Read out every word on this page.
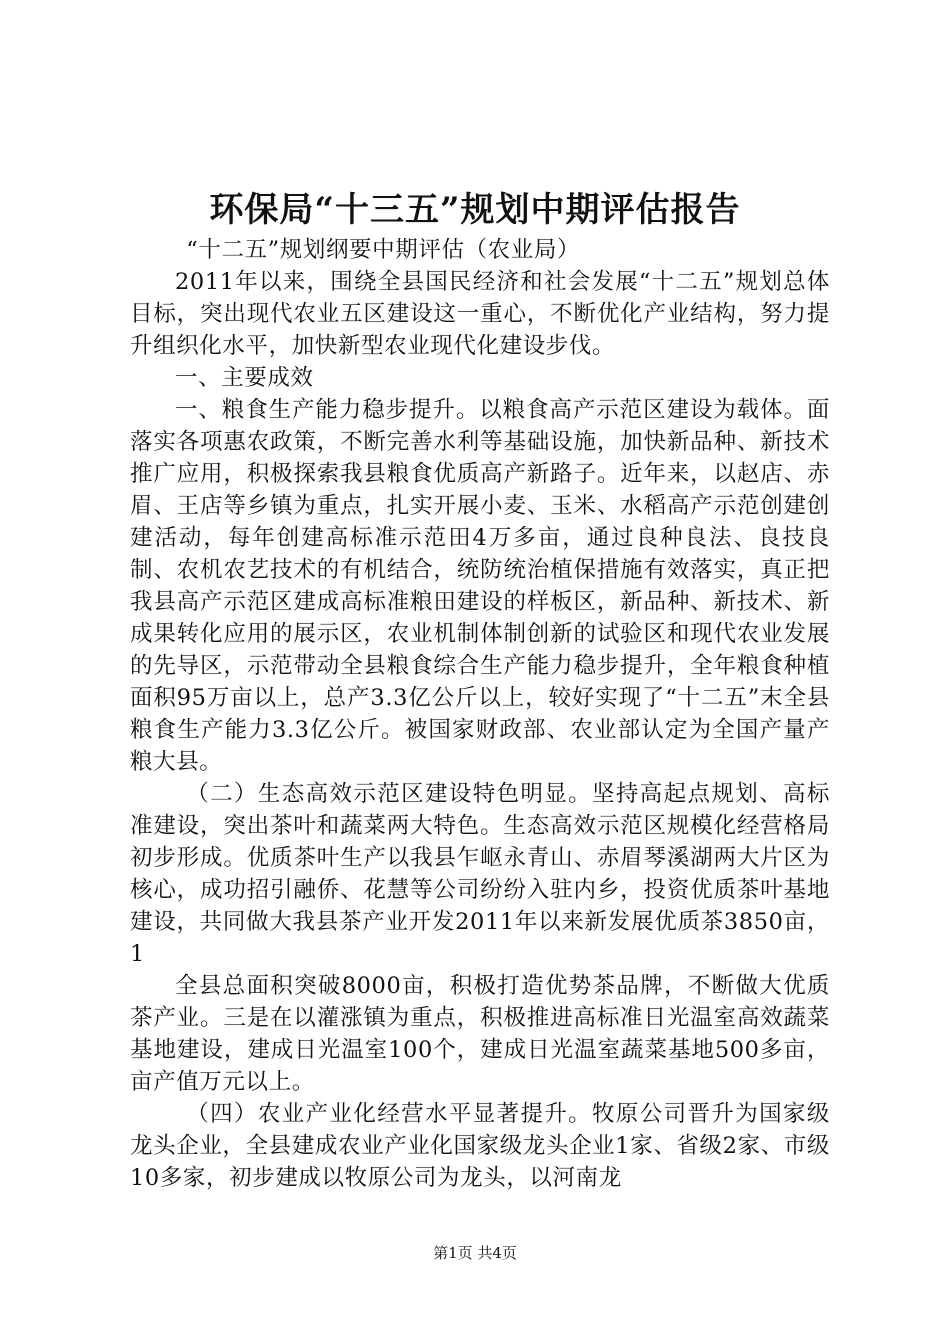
环保局“十三五”规划中期评估报告

“十二五”规划纲要中期评估（农业局）

2011年以来，围绕全县国民经济和社会发展“十二五”规划总体目标，突出现代农业五区建设这一重心，不断优化产业结构，努力提升组织化水平，加快新型农业现代化建设步伐。

一、主要成效

一、粮食生产能力稳步提升。以粮食高产示范区建设为载体。面落实各项惠农政策，不断完善水利等基础设施，加快新品种、新技术推广应用，积极探索我县粮食优质高产新路子。近年来，以赵店、赤眉、王店等乡镇为重点，扎实开展小麦、玉米、水稻高产示范创建创建活动，每年创建高标准示范田4万多亩，通过良种良法、良技良制、农机农艺技术的有机结合，统防统治植保措施有效落实，真正把我县高产示范区建成高标准粮田建设的样板区，新品种、新技术、新成果转化应用的展示区，农业机制体制创新的试验区和现代农业发展的先导区，示范带动全县粮食综合生产能力稳步提升，全年粮食种植面积95万亩以上，总产3.3亿公斤以上，较好实现了“十二五”末全县粮食生产能力3.3亿公斤。被国家财政部、农业部认定为全国产量产粮大县。

（二）生态高效示范区建设特色明显。坚持高起点规划、高标准建设，突出茶叶和蔬菜两大特色。生态高效示范区规模化经营格局初步形成。优质茶叶生产以我县乍岖永青山、赤眉琴溪湖两大片区为核心，成功招引融侨、花慧等公司纷纷入驻内乡，投资优质茶叶基地建设，共同做大我县茶产业开发2011年以来新发展优质茶3850亩，1

全县总面积突破8000亩，积极打造优势茶品牌，不断做大优质茶产业。三是在以灌涨镇为重点，积极推进高标准日光温室高效蔬菜基地建设，建成日光温室100个，建成日光温室蔬菜基地500多亩，亩产值万元以上。

（四）农业产业化经营水平显著提升。牧原公司晋升为国家级龙头企业，全县建成农业产业化国家级龙头企业1家、省级2家、市级10多家，初步建成以牧原公司为龙头，以河南龙

第1页 共4页
